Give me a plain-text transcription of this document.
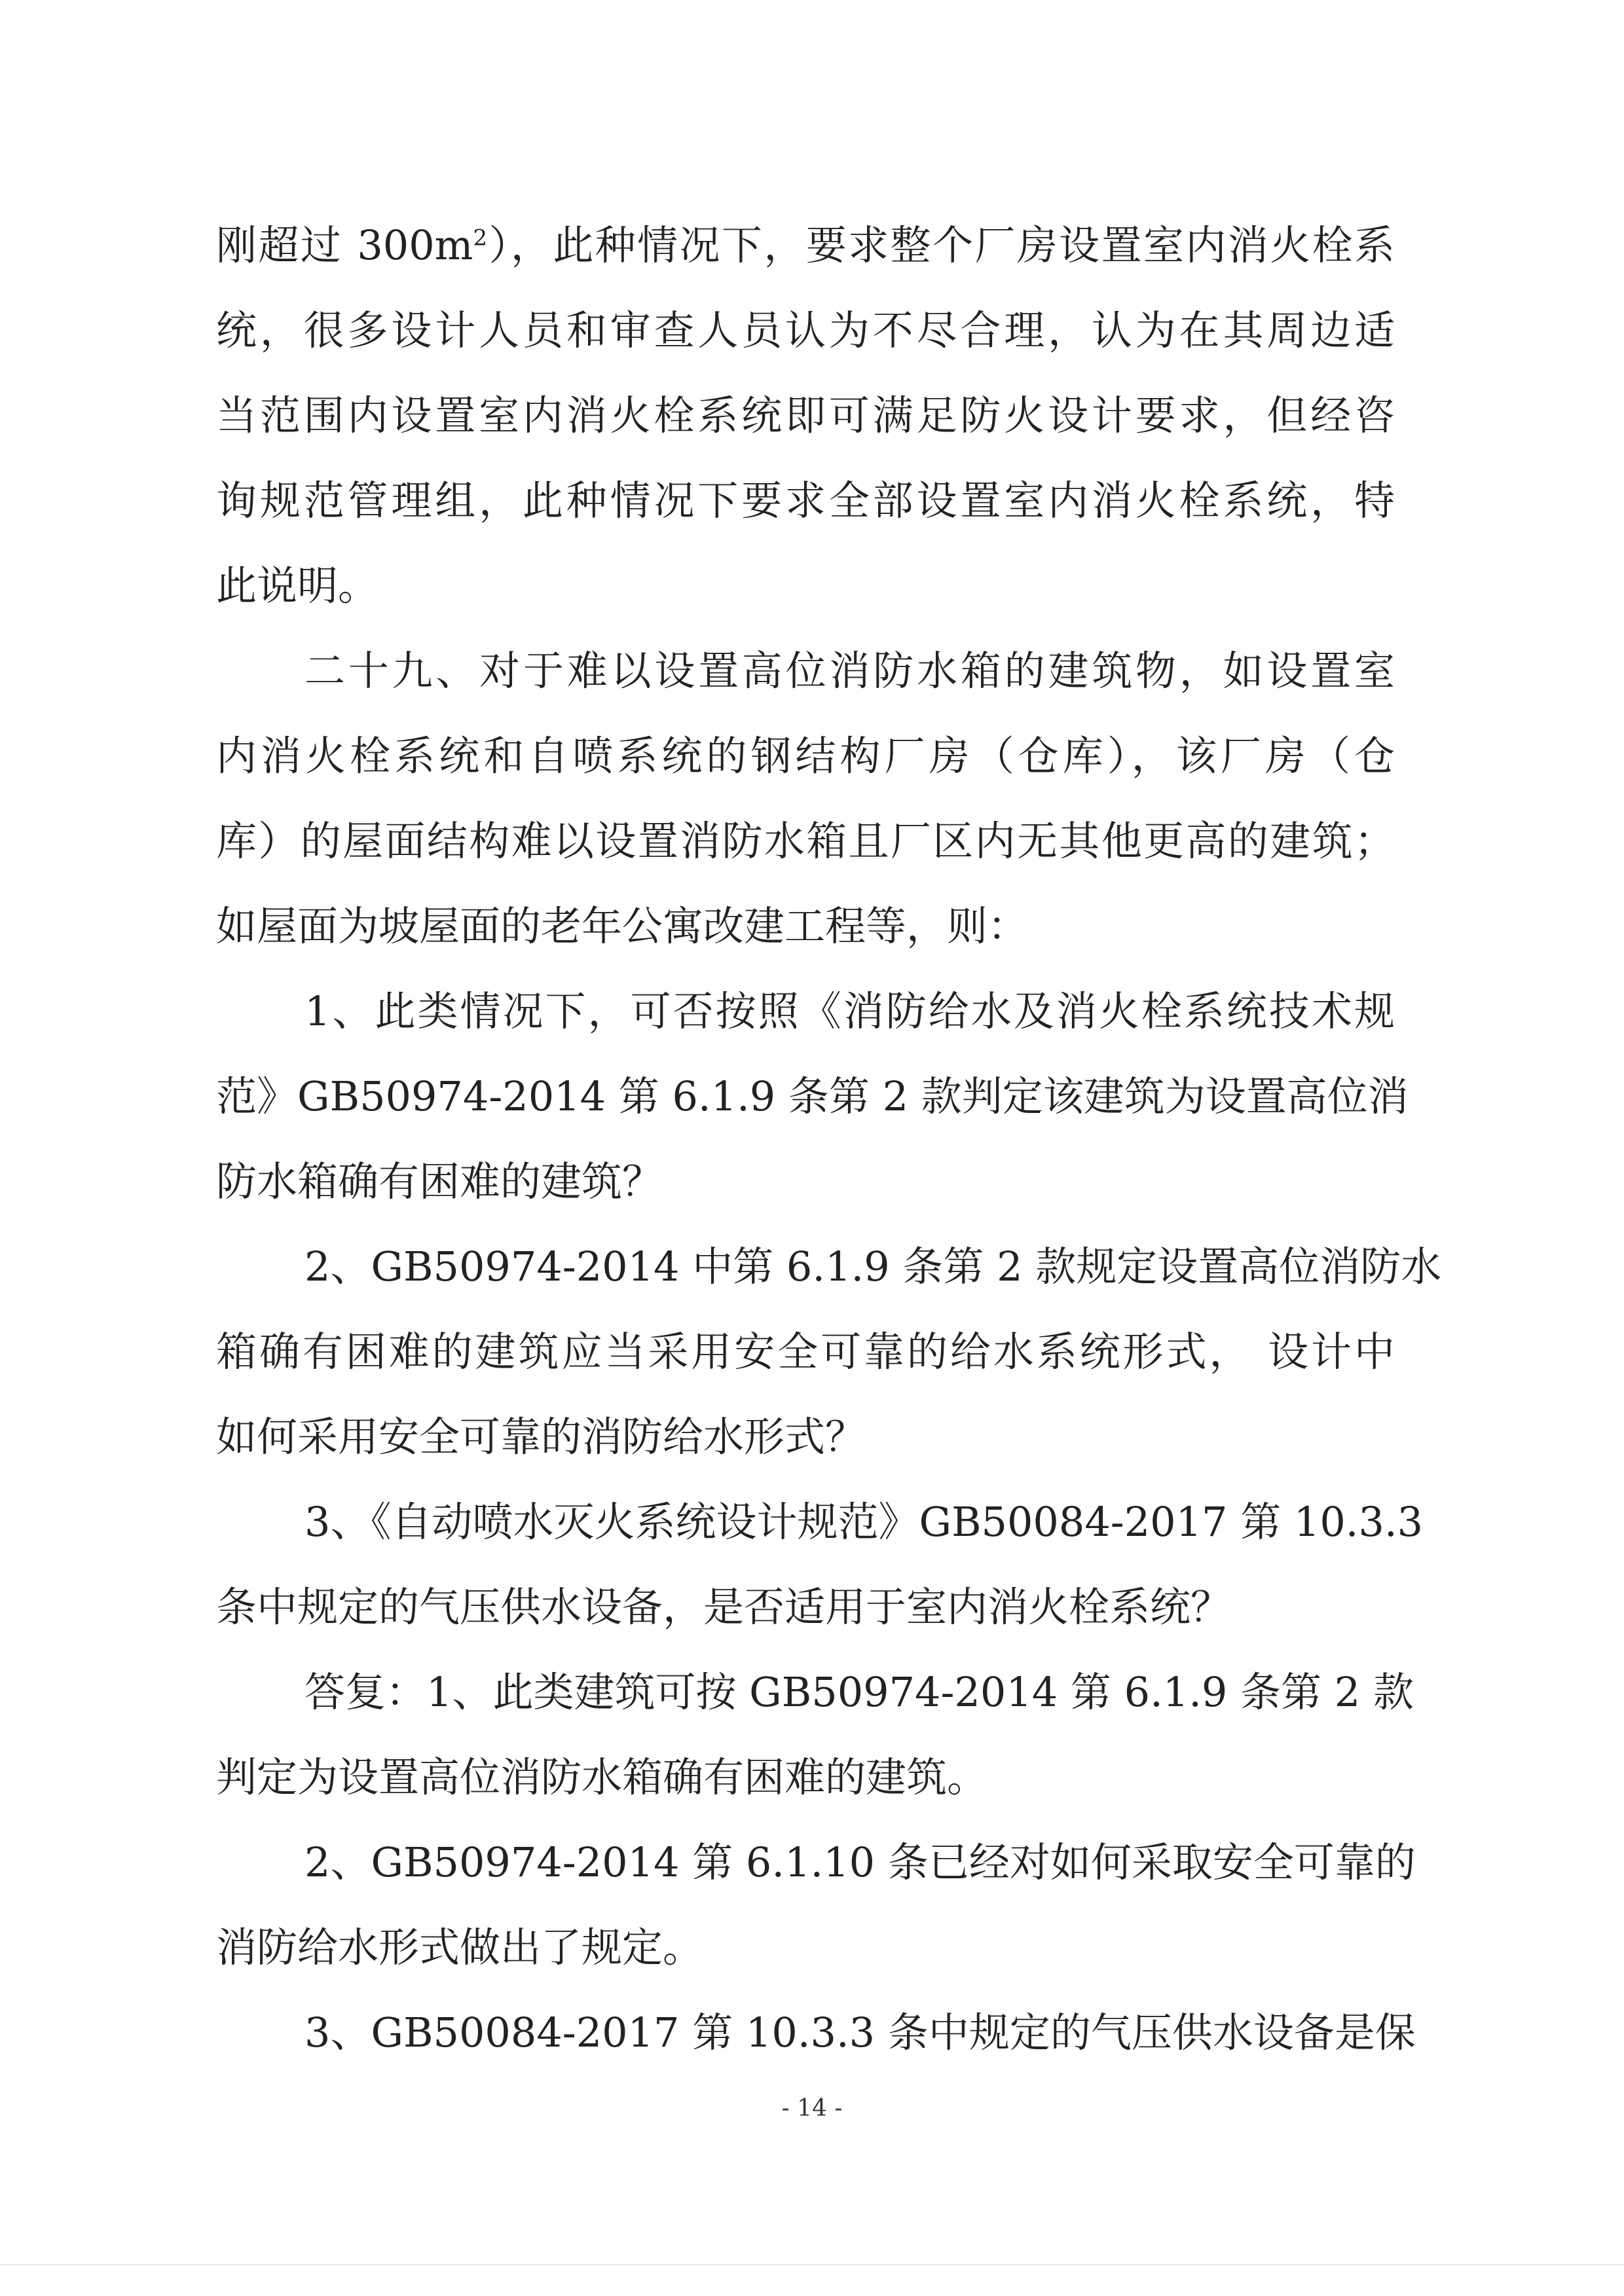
刚超过 $300m^2$），此种情况下，要求整个厂房设置室内消火栓系
统，很多设计人员和审查人员认为不尽合理，认为在其周边适
当范围内设置室内消火栓系统即可满足防火设计要求，但经咨
询规范管理组，此种情况下要求全部设置室内消火栓系统，特
此说明。
二十九、对于难以设置高位消防水箱的建筑物，如设置室
内消火栓系统和自喷系统的钢结构厂房（仓库），该厂房（仓
库）的屋面结构难以设置消防水箱且厂区内无其他更高的建筑；
如屋面为坡屋面的老年公寓改建工程等，则：
1、此类情况下，可否按照《消防给水及消火栓系统技术规
范》GB50974-2014 第 6.1.9 条第 2 款判定该建筑为设置高位消
防水箱确有困难的建筑？
2、GB50974-2014 中第 6.1.9 条第 2 款规定设置高位消防水
箱确有困难的建筑应当采用安全可靠的给水系统形式， 设计中
如何采用安全可靠的消防给水形式？
3、《自动喷水灭火系统设计规范》GB50084-2017 第 10.3.3
条中规定的气压供水设备，是否适用于室内消火栓系统？
答复：1、此类建筑可按 GB50974-2014 第 6.1.9 条第 2 款
判定为设置高位消防水箱确有困难的建筑。
2、GB50974-2014 第 6.1.10 条已经对如何采取安全可靠的
消防给水形式做出了规定。
3、GB50084-2017 第 10.3.3 条中规定的气压供水设备是保
- 14 -
